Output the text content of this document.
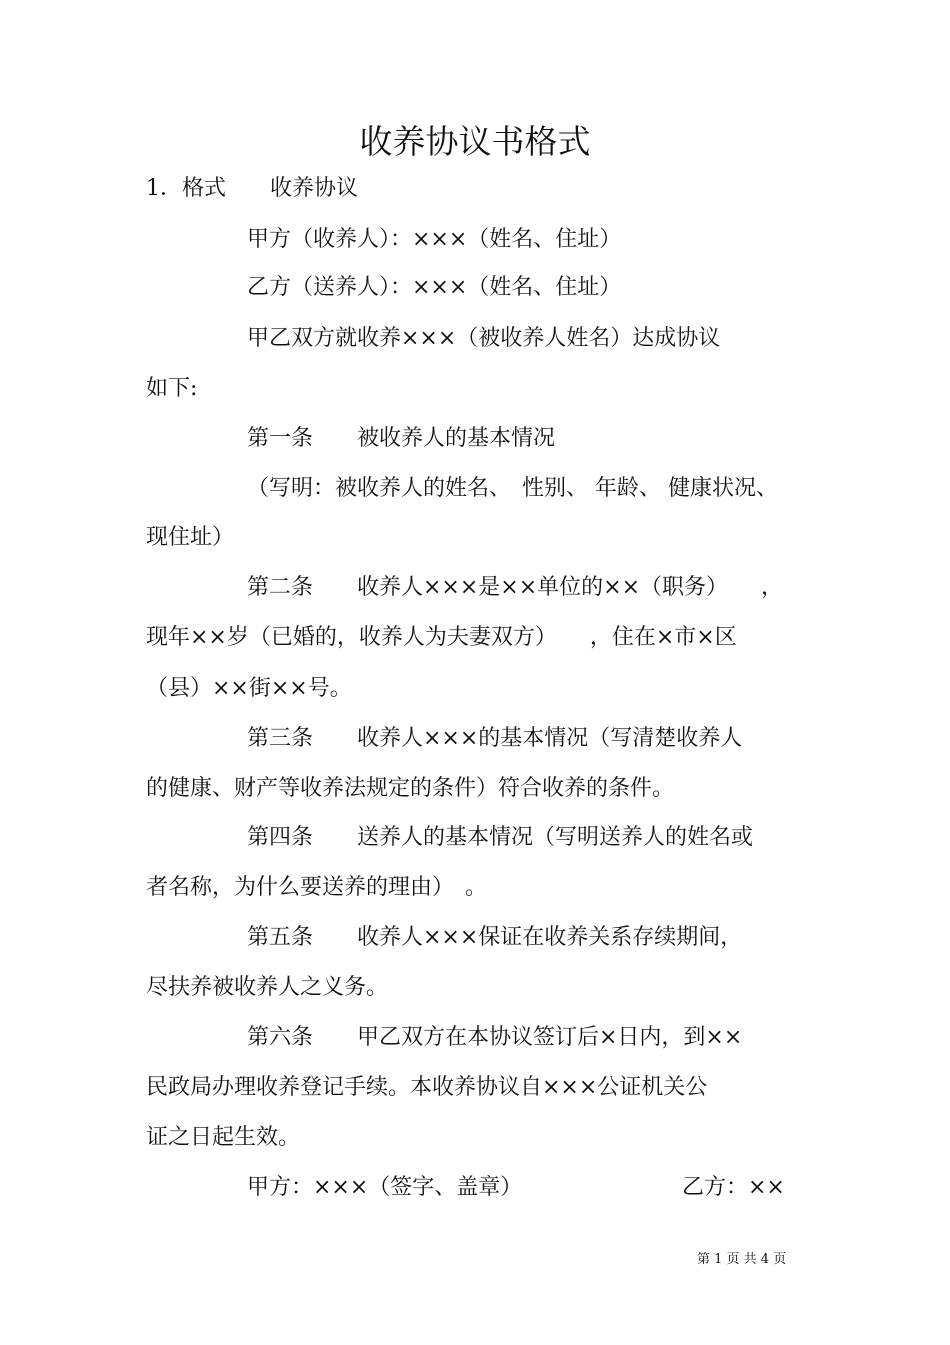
收养协议书格式
1．格式　　收养协议
甲方（收养人）：×××（姓名、住址）
乙方（送养人）：×××（姓名、住址）
甲乙双方就收养×××（被收养人姓名）达成协议
如下:
第一条　　被收养人的基本情况
（写明：被收养人的姓名、　性别、 年龄、 健康状况、
现住址）
第二条　　收养人×××是××单位的××（职务）　　，
现年××岁（已婚的，收养人为夫妻双方）　　，住在×市×区
（县）××街××号。
第三条　　收养人×××的基本情况（写清楚收养人
的健康、财产等收养法规定的条件）符合收养的条件。
第四条　　送养人的基本情况（写明送养人的姓名或
者名称，为什么要送养的理由）　。
第五条　　收养人×××保证在收养关系存续期间，
尽扶养被收养人之义务。
第六条　　甲乙双方在本协议签订后×日内，到××
民政局办理收养登记手续。本收养协议自×××公证机关公
证之日起生效。
甲方：×××（签字、盖章）	乙方：××
第 1 页 共 4 页
